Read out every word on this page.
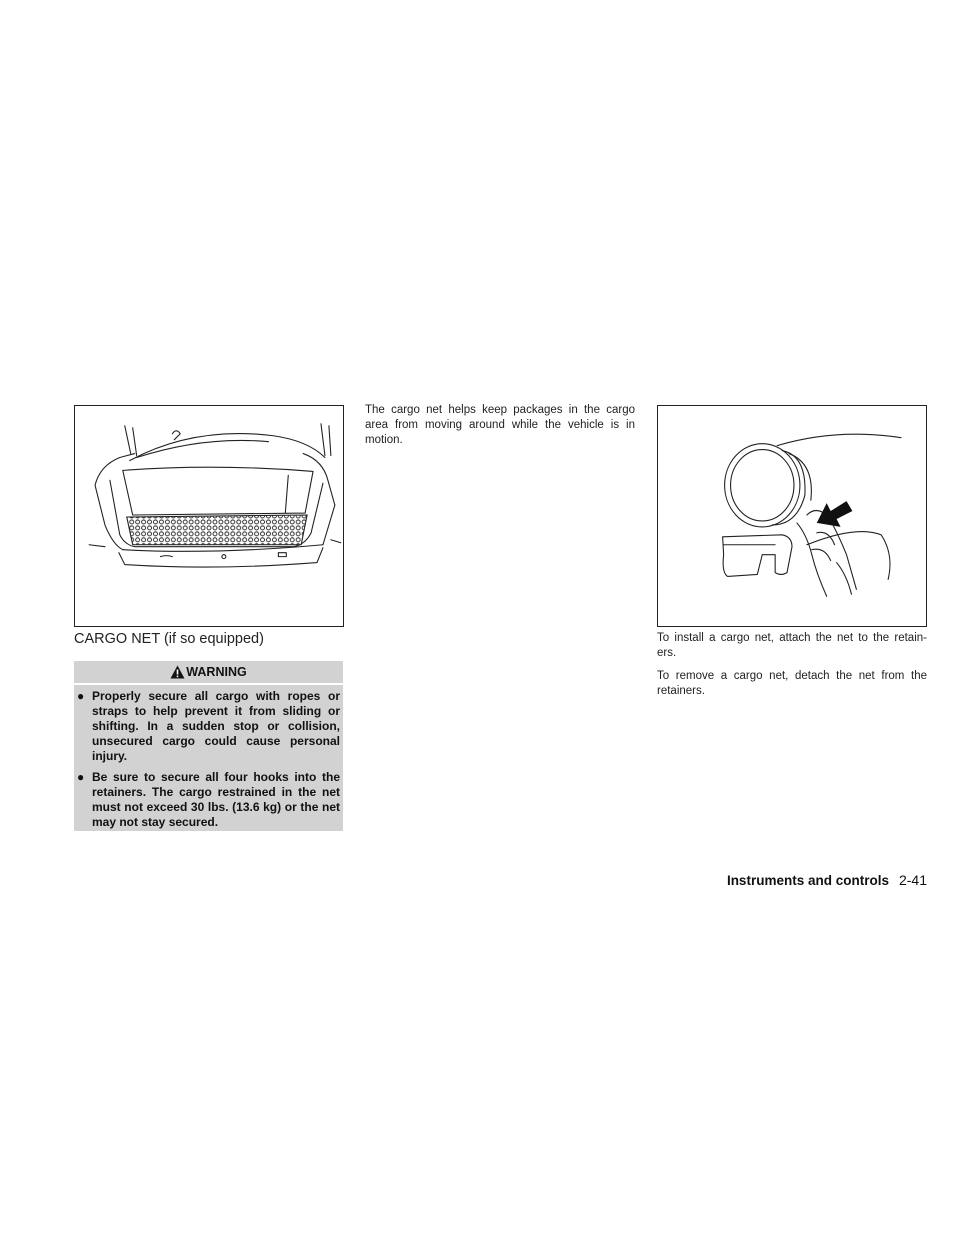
CARGO NET (if so equipped)
WARNING
● Properly secure all cargo with ropes or straps to help prevent it from sliding or shifting. In a sudden stop or collision, unsecured cargo could cause personal injury.
● Be sure to secure all four hooks into the retainers. The cargo restrained in the net must not exceed 30 lbs. (13.6 kg) or the net may not stay secured.

The cargo net helps keep packages in the cargo area from moving around while the vehicle is in motion.

To install a cargo net, attach the net to the retain- ers.

To remove a cargo net, detach the net from the retainers.

Instruments and controls 2-41
